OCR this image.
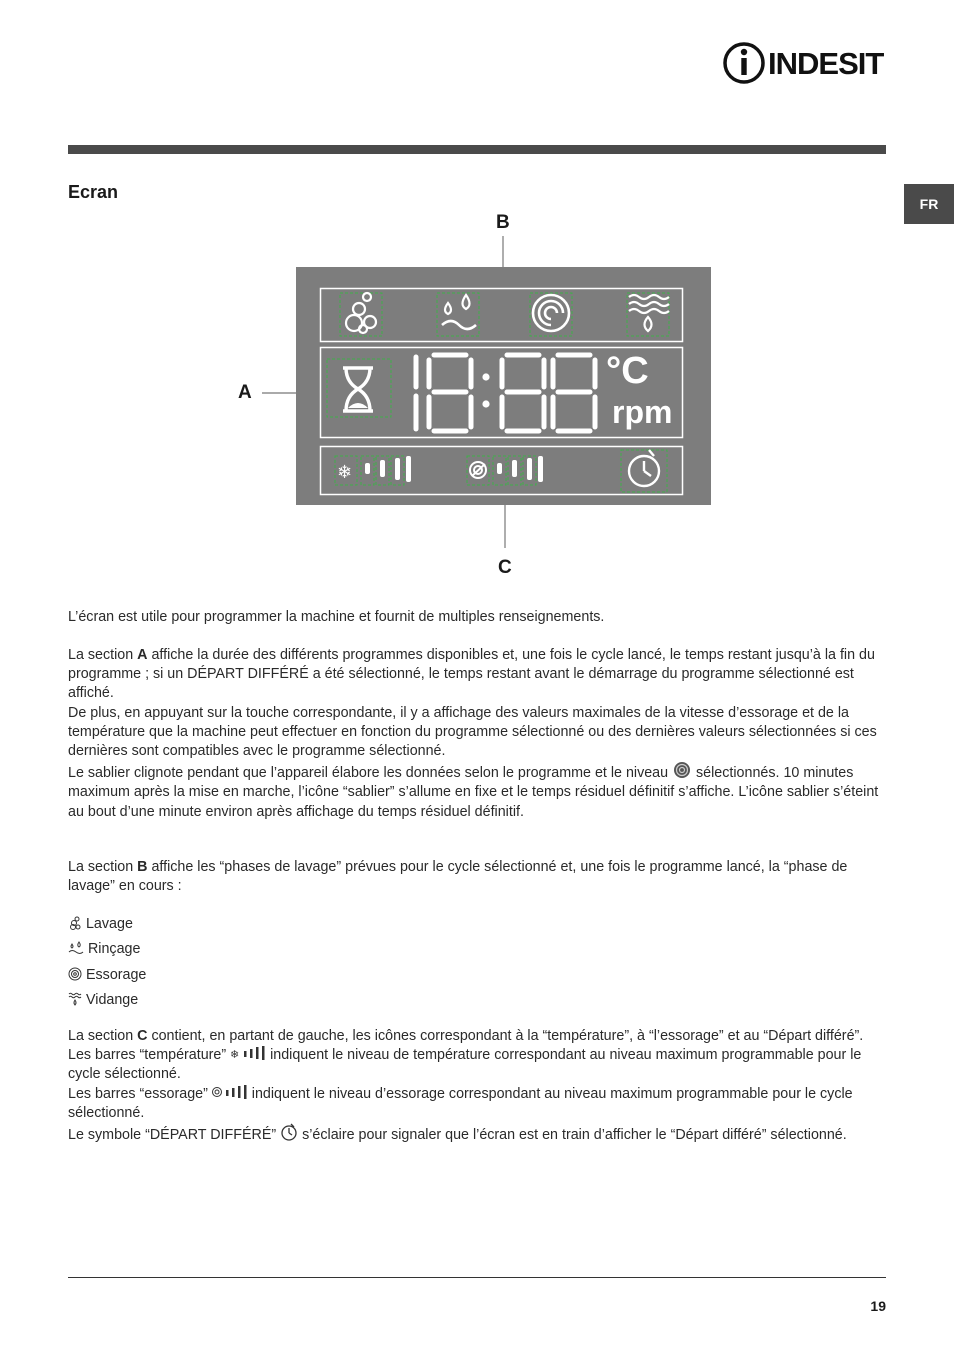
INDESIT
FR
Ecran
B
A
C
°C
rpm
❄

L’écran est utile pour programmer la machine et fournit de multiples renseignements.

La section A affiche la durée des différents programmes disponibles et, une fois le cycle lancé, le temps restant jusqu’à la fin du programme ; si un DÉPART DIFFÉRÉ a été sélectionné, le temps restant avant le démarrage du programme sélectionné est affiché.

De plus, en appuyant sur la touche correspondante, il y a affichage des valeurs maximales de la vitesse d’essorage et de la température que la machine peut effectuer en fonction du programme sélectionné ou des dernières valeurs sélectionnées si ces dernières sont compatibles avec le programme sélectionné.

Le sablier clignote pendant que l’appareil élabore les données selon le programme et le niveau  sélectionnés. 10 minutes maximum après la mise en marche, l’icône “sablier” s’allume en fixe et le temps résiduel définitif s’affiche. L’icône sablier s’éteint au bout d’une minute environ après affichage du temps résiduel définitif.

La section B affiche les “phases de lavage” prévues pour le cycle sélectionné et, une fois le programme lancé, la “phase de lavage” en cours :

Lavage

Rinçage

Essorage

Vidange

La section C contient, en partant de gauche, les icônes correspondant à la “température”, à “l’essorage” et au “Départ différé”.

Les barres “température” ❄ indiquent le niveau de température correspondant au niveau maximum programmable pour le cycle sélectionné.

Les barres “essorage”	indiquent le niveau d’essorage correspondant au niveau maximum programmable pour le cycle sélectionné.

Le symbole “DÉPART DIFFÉRÉ”  s’éclaire pour signaler que l’écran est en train d’afficher le “Départ différé” sélectionné.

19
